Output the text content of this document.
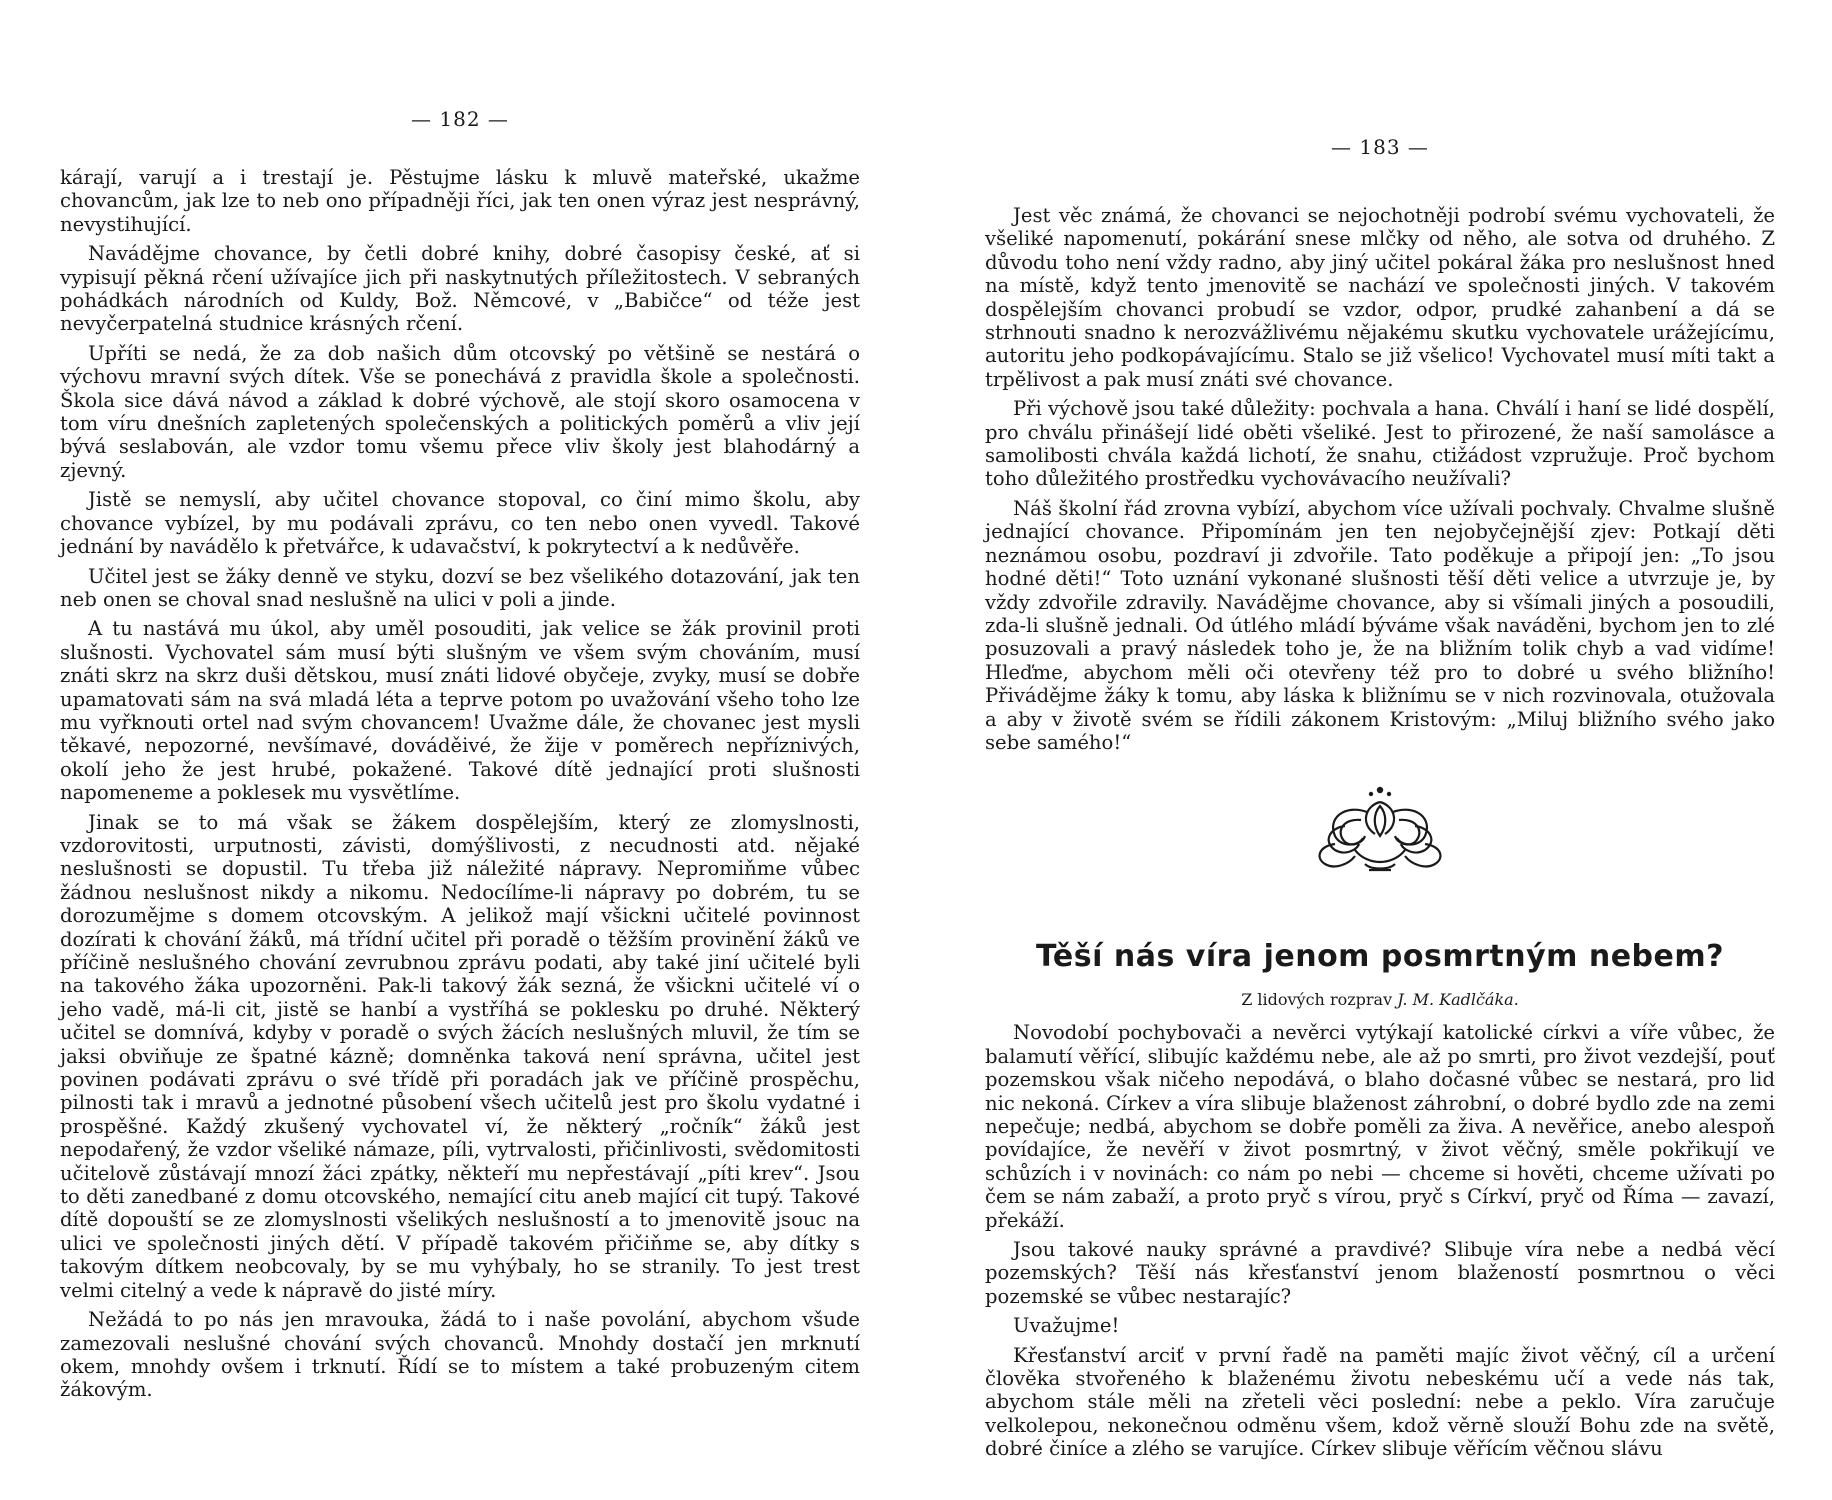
— 182 —

kárají, varují a i trestají je. Pěstujme lásku k mluvě mateřské, ukažme chovancům, jak lze to neb ono případněji říci, jak ten onen výraz jest nesprávný, nevystihující.

Navádějme chovance, by četli dobré knihy, dobré časopisy české, ať si vypisují pěkná rčení užívajíce jich při naskytnutých příležitostech. V sebraných pohádkách národních od Kuldy, Bož. Němcové, v „Babičce“ od téže jest nevyčerpatelná studnice krásných rčení.

Upříti se nedá, že za dob našich dům otcovský po většině se nestárá o výchovu mravní svých dítek. Vše se ponechává z pravidla škole a společnosti. Škola sice dává návod a základ k dobré výchově, ale stojí skoro osamocena v tom víru dnešních zapletených společenských a politických poměrů a vliv její bývá seslabován, ale vzdor tomu všemu přece vliv školy jest blahodárný a zjevný.

Jistě se nemyslí, aby učitel chovance stopoval, co činí mimo školu, aby chovance vybízel, by mu podávali zprávu, co ten nebo onen vyvedl. Takové jednání by navádělo k přetvářce, k udavačství, k pokrytectví a k nedůvěře.

Učitel jest se žáky denně ve styku, dozví se bez všelikého dotazování, jak ten neb onen se choval snad neslušně na ulici v poli a jinde.

A tu nastává mu úkol, aby uměl posouditi, jak velice se žák provinil proti slušnosti. Vychovatel sám musí býti slušným ve všem svým chováním, musí znáti skrz na skrz duši dětskou, musí znáti lidové obyčeje, zvyky, musí se dobře upamatovati sám na svá mladá léta a teprve potom po uvažování všeho toho lze mu vyřknouti ortel nad svým chovancem! Uvažme dále, že chovanec jest mysli těkavé, nepozorné, nevšímavé, dováděivé, že žije v poměrech nepříznivých, okolí jeho že jest hrubé, pokažené. Takové dítě jednající proti slušnosti napomeneme a poklesek mu vysvětlíme.

Jinak se to má však se žákem dospělejším, který ze zlomyslnosti, vzdorovitosti, urputnosti, závisti, domýšlivosti, z necudnosti atd. nějaké neslušnosti se dopustil. Tu třeba již náležité nápravy. Nepromiňme vůbec žádnou neslušnost nikdy a nikomu. Nedocílíme-li nápravy po dobrém, tu se dorozumějme s domem otcovským. A jelikož mají všickni učitelé povinnost dozírati k chování žáků, má třídní učitel při poradě o těžším provinění žáků ve příčině neslušného chování zevrubnou zprávu podati, aby také jiní učitelé byli na takového žáka upozorněni. Pak-li takový žák sezná, že všickni učitelé ví o jeho vadě, má-li cit, jistě se hanbí a vystříhá se poklesku po druhé. Některý učitel se domnívá, kdyby v poradě o svých žácích neslušných mluvil, že tím se jaksi obviňuje ze špatné kázně; domněnka taková není správna, učitel jest povinen podávati zprávu o své třídě při poradách jak ve příčině prospěchu, pilnosti tak i mravů a jednotné působení všech učitelů jest pro školu vydatné i prospěšné. Každý zkušený vychovatel ví, že některý „ročník“ žáků jest nepodařený, že vzdor všeliké námaze, píli, vytrvalosti, přičinlivosti, svědomitosti učitelově zůstávají mnozí žáci zpátky, někteří mu nepřestávají „píti krev“. Jsou to děti zanedbané z domu otcovského, nemající citu aneb mající cit tupý. Takové dítě dopouští se ze zlomyslnosti všelikých neslušností a to jmenovitě jsouc na ulici ve společnosti jiných dětí. V případě takovém přičiňme se, aby dítky s takovým dítkem neobcovaly, by se mu vyhýbaly, ho se stranily. To jest trest velmi citelný a vede k nápravě do jisté míry.

Nežádá to po nás jen mravouka, žádá to i naše povolání, abychom všude zamezovali neslušné chování svých chovanců. Mnohdy dostačí jen mrknutí okem, mnohdy ovšem i trknutí. Řídí se to místem a také probuzeným citem žákovým.

— 183 —

Jest věc známá, že chovanci se nejochotněji podrobí svému vychovateli, že všeliké napomenutí, pokárání snese mlčky od něho, ale sotva od druhého. Z důvodu toho není vždy radno, aby jiný učitel pokáral žáka pro neslušnost hned na místě, když tento jmenovitě se nachází ve společnosti jiných. V takovém dospělejším chovanci probudí se vzdor, odpor, prudké zahanbení a dá se strhnouti snadno k nerozvážlivému nějakému skutku vychovatele urážejícímu, autoritu jeho podkopávajícímu. Stalo se již všelico! Vychovatel musí míti takt a trpělivost a pak musí znáti své chovance.

Při výchově jsou také důležity: pochvala a hana. Chválí i haní se lidé dospělí, pro chválu přinášejí lidé oběti všeliké. Jest to přirozené, že naší samolásce a samolibosti chvála každá lichotí, že snahu, ctižádost vzpružuje. Proč bychom toho důležitého prostředku vychovávacího neužívali?

Náš školní řád zrovna vybízí, abychom více užívali pochvaly. Chvalme slušně jednající chovance. Připomínám jen ten nejobyčejnější zjev: Potkají děti neznámou osobu, pozdraví ji zdvořile. Tato poděkuje a připojí jen: „To jsou hodné děti!“ Toto uznání vykonané slušnosti těší děti velice a utvrzuje je, by vždy zdvořile zdravily. Navádějme chovance, aby si všímali jiných a posoudili, zda-li slušně jednali. Od útlého mládí býváme však naváděni, bychom jen to zlé posuzovali a pravý následek toho je, že na bližním tolik chyb a vad vidíme! Hleďme, abychom měli oči otevřeny též pro to dobré u svého bližního! Přivádějme žáky k tomu, aby láska k bližnímu se v nich rozvinovala, otužovala a aby v životě svém se řídili zákonem Kristovým: „Miluj bližního svého jako sebe samého!“

Těší nás víra jenom posmrtným nebem?

Z lidových rozprav J. M. Kadlčáka.

Novodobí pochybovači a nevěrci vytýkají katolické církvi a víře vůbec, že balamutí věřící, slibujíc každému nebe, ale až po smrti, pro život vezdejší, pouť pozemskou však ničeho nepodává, o blaho dočasné vůbec se nestará, pro lid nic nekoná. Církev a víra slibuje blaženost záhrobní, o dobré bydlo zde na zemi nepečuje; nedbá, abychom se dobře poměli za živa. A nevěřice, anebo alespoň povídajíce, že nevěří v život posmrtný, v život věčný, směle pokřikují ve schůzích i v novinách: co nám po nebi — chceme si hověti, chceme užívati po čem se nám zabaží, a proto pryč s vírou, pryč s Církví, pryč od Říma — zavazí, překáží.

Jsou takové nauky správné a pravdivé? Slibuje víra nebe a nedbá věcí pozemských? Těší nás křesťanství jenom blažeností posmrtnou o věci pozemské se vůbec nestarajíc?

Uvažujme!

Křesťanství arciť v první řadě na paměti majíc život věčný, cíl a určení člověka stvořeného k blaženému životu nebeskému učí a vede nás tak, abychom stále měli na zřeteli věci poslední: nebe a peklo. Víra zaručuje velkolepou, nekonečnou odměnu všem, kdož věrně slouží Bohu zde na světě, dobré činíce a zlého se varujíce. Církev slibuje věřícím věčnou slávu
